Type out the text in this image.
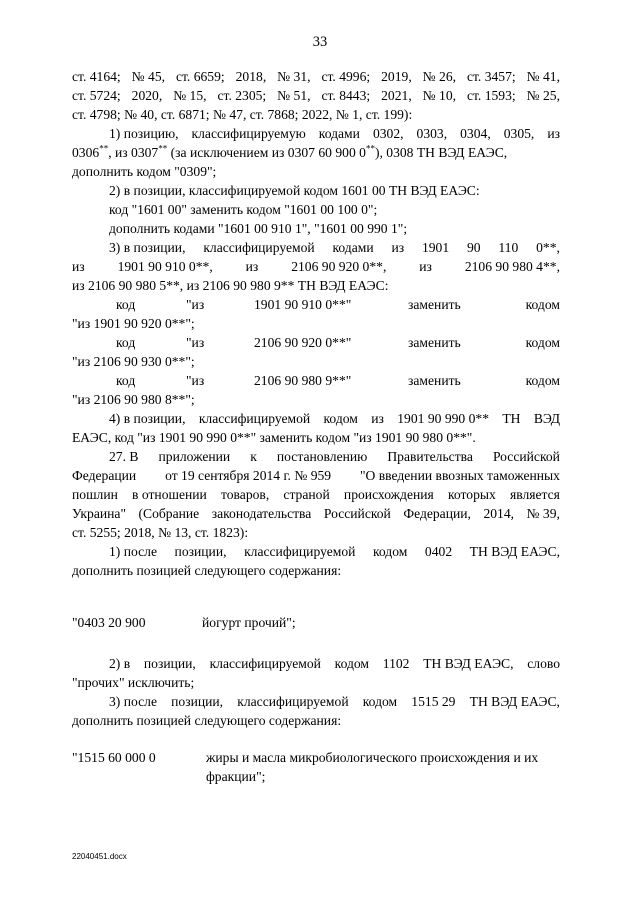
33
ст. 4164; № 45, ст. 6659; 2018, № 31, ст. 4996; 2019, № 26, ст. 3457; № 41,
ст. 5724; 2020, № 15, ст. 2305; № 51, ст. 8443; 2021, № 10, ст. 1593; № 25,
ст. 4798; № 40, ст. 6871; № 47, ст. 7868; 2022, № 1, ст. 199):
1) позицию, классифицируемую кодами 0302, 0303, 0304, 0305, из
0306**, из 0307** (за исключением из 0307 60 900 0**), 0308 ТН ВЭД ЕАЭС,
дополнить кодом "0309";
2) в позиции, классифицируемой кодом 1601 00 ТН ВЭД ЕАЭС:
код "1601 00" заменить кодом "1601 00 100 0";
дополнить кодами "1601 00 910 1", "1601 00 990 1";
3) в позиции, классифицируемой кодами из 1901 90 110 0**,
из 1901 90 910 0**, из 2106 90 920 0**, из 2106 90 980 4**,
из 2106 90 980 5**, из 2106 90 980 9** ТН ВЭД ЕАЭС:
код	"из	1901 90 910 0**"	заменить	кодом
"из 1901 90 920 0**";
код	"из	2106 90 920 0**"	заменить	кодом
"из 2106 90 930 0**";
код	"из	2106 90 980 9**"	заменить	кодом
"из 2106 90 980 8**";
4) в позиции, классифицируемой кодом из 1901 90 990 0** ТН ВЭД
ЕАЭС, код "из 1901 90 990 0**" заменить кодом "из 1901 90 980 0**".
27. В приложении к постановлению Правительства Российской
Федерации от 19 сентября 2014 г. № 959 "О введении ввозных таможенных
пошлин в отношении товаров, страной происхождения которых является
Украина" (Собрание законодательства Российской Федерации, 2014, № 39,
ст. 5255; 2018, № 13, ст. 1823):
1) после позиции, классифицируемой кодом 0402 ТН ВЭД ЕАЭС,
дополнить позицией следующего содержания:
"0403 20 900	йогурт прочий";
2) в позиции, классифицируемой кодом 1102 ТН ВЭД ЕАЭС, слово
"прочих" исключить;
3) после позиции, классифицируемой кодом 1515 29 ТН ВЭД ЕАЭС,
дополнить позицией следующего содержания:
"1515 60 000 0	жиры и масла микробиологического происхождения и их фракции";
22040451.docx
